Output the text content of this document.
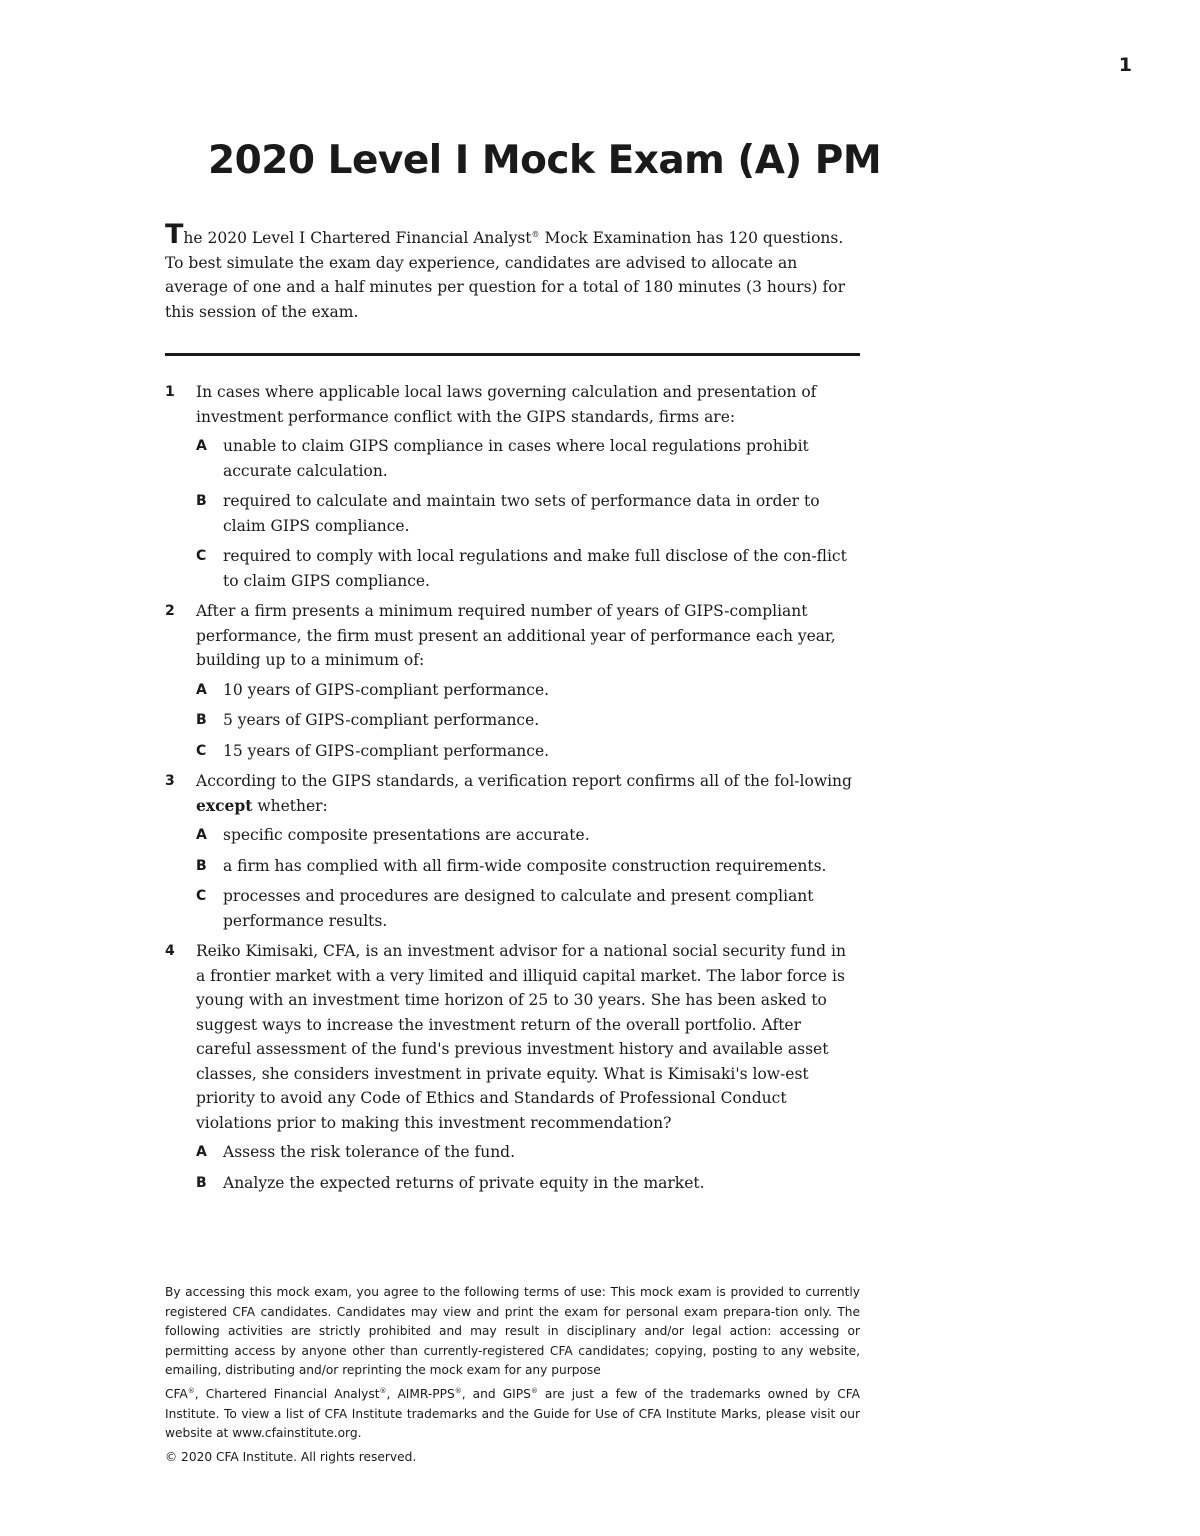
1
2020 Level I Mock Exam (A) PM

The 2020 Level I Chartered Financial Analyst® Mock Examination has 120 questions. To best simulate the exam day experience, candidates are advised to allocate an average of one and a half minutes per question for a total of 180 minutes (3 hours) for this session of the exam.

1 In cases where applicable local laws governing calculation and presentation of investment performance conflict with the GIPS standards, firms are:
A unable to claim GIPS compliance in cases where local regulations prohibit accurate calculation.
B required to calculate and maintain two sets of performance data in order to claim GIPS compliance.
C required to comply with local regulations and make full disclose of the con-flict to claim GIPS compliance.
2 After a firm presents a minimum required number of years of GIPS-compliant performance, the firm must present an additional year of performance each year, building up to a minimum of:
A 10 years of GIPS-compliant performance.
B 5 years of GIPS-compliant performance.
C 15 years of GIPS-compliant performance.
3 According to the GIPS standards, a verification report confirms all of the fol-lowing except whether:
A specific composite presentations are accurate.
B a firm has complied with all firm-wide composite construction requirements.
C processes and procedures are designed to calculate and present compliant performance results.
4 Reiko Kimisaki, CFA, is an investment advisor for a national social security fund in a frontier market with a very limited and illiquid capital market. The labor force is young with an investment time horizon of 25 to 30 years. She has been asked to suggest ways to increase the investment return of the overall portfolio. After careful assessment of the fund's previous investment history and available asset classes, she considers investment in private equity. What is Kimisaki's low-est priority to avoid any Code of Ethics and Standards of Professional Conduct violations prior to making this investment recommendation?
A Assess the risk tolerance of the fund.
B Analyze the expected returns of private equity in the market.

By accessing this mock exam, you agree to the following terms of use: This mock exam is provided to currently registered CFA candidates. Candidates may view and print the exam for personal exam prepara-tion only. The following activities are strictly prohibited and may result in disciplinary and/or legal action: accessing or permitting access by anyone other than currently-registered CFA candidates; copying, posting to any website, emailing, distributing and/or reprinting the mock exam for any purpose

CFA®, Chartered Financial Analyst®, AIMR-PPS®, and GIPS® are just a few of the trademarks owned by CFA Institute. To view a list of CFA Institute trademarks and the Guide for Use of CFA Institute Marks, please visit our website at www.cfainstitute.org.

© 2020 CFA Institute. All rights reserved.
